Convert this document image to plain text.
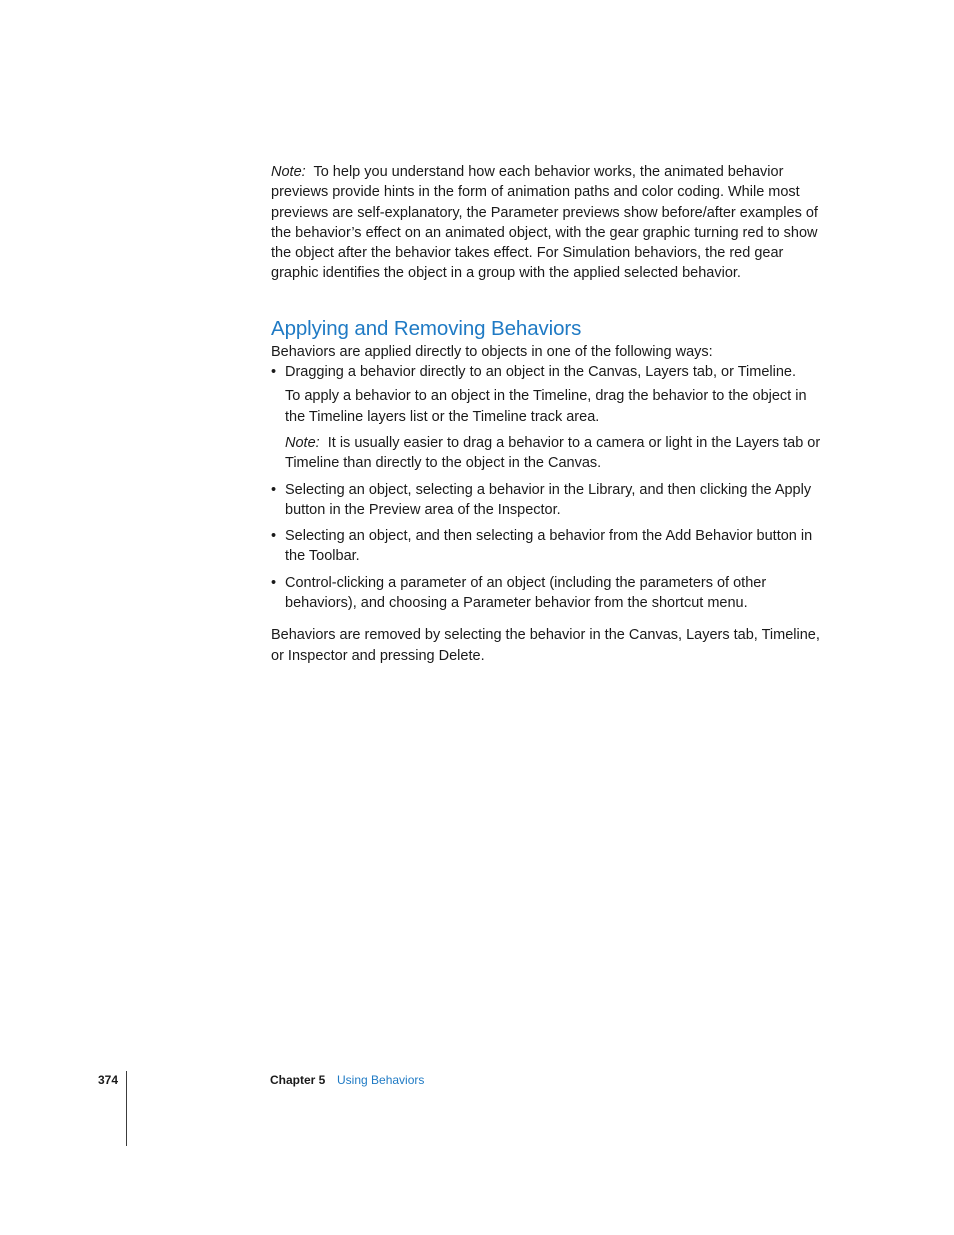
Note: To help you understand how each behavior works, the animated behavior previews provide hints in the form of animation paths and color coding. While most previews are self-explanatory, the Parameter previews show before/after examples of the behavior’s effect on an animated object, with the gear graphic turning red to show the object after the behavior takes effect. For Simulation behaviors, the red gear graphic identifies the object in a group with the applied selected behavior.

Applying and Removing Behaviors

Behaviors are applied directly to objects in one of the following ways:

• Dragging a behavior directly to an object in the Canvas, Layers tab, or Timeline.

To apply a behavior to an object in the Timeline, drag the behavior to the object in the Timeline layers list or the Timeline track area.

Note: It is usually easier to drag a behavior to a camera or light in the Layers tab or Timeline than directly to the object in the Canvas.

• Selecting an object, selecting a behavior in the Library, and then clicking the Apply button in the Preview area of the Inspector.
• Selecting an object, and then selecting a behavior from the Add Behavior button in the Toolbar.
• Control-clicking a parameter of an object (including the parameters of other behaviors), and choosing a Parameter behavior from the shortcut menu.

Behaviors are removed by selecting the behavior in the Canvas, Layers tab, Timeline, or Inspector and pressing Delete.

374	Chapter 5 Using Behaviors
